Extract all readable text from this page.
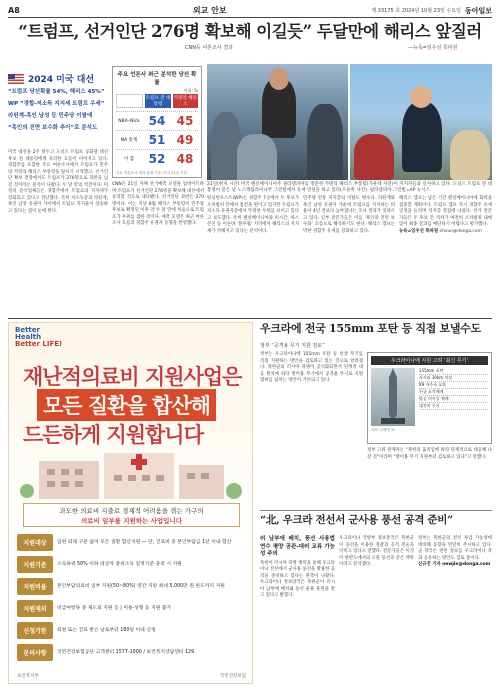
A8	외교 안보	제 33175 호 2024년 10월 23일 수요일 동아일보
“트럼프, 선거인단 276명 확보해 이길듯” 두달만에 해리스 앞질러
CNN등 여론조사 결과	—뉴욕=임우선 특파원
2024 미국 대선
“트럼프 당선확률 54%, 해리스 45%”
WP “경합-저소득 지지세 트럼프 우세”
라틴계-흑인 남성 등 민주당 이탈에
“흑인의 진면 보수화 추이”로 분석도
주요 언론사 최근 분석한 당선 확률
단위: %
트럼프 전 대통령
카멀라 해리스
NBA–Nick 54 45
NA 통계 51 49
이 합	52 48
주요 여론조사 결과 집계 기준, 미국 21일 기준
21일(현지 시간) 미국 펜실베이니아주 필라델피아를 방문한 카멀라 해리스 부통령(가운데 사진)이 지지자들과 인사하고 있다. 도널드 트럼프 전 대통령이 같은 날 노스캐롤라이나주 그린빌에서 유세 연설을 하고 있다(오른쪽 사진). 필라델피아·그린빌=AP 뉴시스
미국 대선을 2주 앞두고 도널드 트럼프 공화당 대선 후보 전 대통령에게 유리한 흐름이 이어지고 있다. 경합주를 포함한 주요 여론조사에서 트럼프가 민주당 카멀라 해리스 부통령을 앞서기 시작했고, 선거인단 확보 전망에서도 트럼프가 276명으로 과반을 넘길 것이라는 분석이 나왔다. 두 달 만의 역전이다. 미 정치 분석업체들은 경합주에서 트럼프의 지지세가 강화되고 있다고 진단했다. 특히 저소득층과 라틴계, 흑인 남성 유권자 사이에서 트럼프 지지율이 상승하고 있다는 점이 눈에 띈다.
CNN은 21일 자체 선거예측 모델을 업데이트하며 트럼프가 선거인단 276명을 확보해 대선에서 승리할 것으로 내다봤다. 선거인단 과반은 270명이다. 이는 지난 8월 해리스 부통령이 민주당 후보로 확정된 이후 약 두 달 만에 처음으로 트럼프가 우위를 점한 것이다. 예측 모델은 최근 여론조사 흐름과 경합주 유권자 동향을 반영했다.
워싱턴포스트(WP)는 경합주 7곳에서 두 후보가 오차범위 안에서 접전을 벌이고 있지만 트럼프가 저소득 유권자층에서 뚜렷한 우위를 보이고 있다고 보도했다. 특히 펜실베이니아와 미시간, 위스콘신 등 이른바 ‘블루월’ 지역에서 해리스의 지지세가 약해지고 있다는 분석이다.
민주당 전통 지지층의 이탈도 변수다. 라틴계와 흑인 남성 유권자 가운데 트럼프를 지지하는 비율이 4년 전보다 높아졌다는 조사 결과가 잇따르고 있다. 일부 전문가들은 이를 ‘흑인의 진면 보수화’ 흐름으로 해석하기도 한다. 해리스 캠프는 막판 경합주 유세를 강화하고 있다.
해리스 캠프는 남은 기간 펜실베이니아에 화력을 집중할 계획이다. 트럼프 캠프 역시 경합주 유세 일정을 늘리며 지지층 결집에 나섰다. 선거 전문가들은 두 후보 간 격차가 여전히 오차범위 내에 있어 최종 결과를 예단하기 어렵다고 평가했다.
뉴욕=임우선 특파원 imsun@donga.com
Better
Health
Better LIFE!
재난적의료비 지원사업은
모든 질환을 합산해
드든하게 지원합니다
과도한 의료비 지출로 경제적 어려움을 겪는 가구의
의료비 일부를 지원하는 사업입니다
지원대상	입원 외래 구분 없이 모든 질환 합산지원 — 단, 진료비 중 본인부담금 1년 이내 합산
지원기준	소득하위 50% 이하 대상자 중위소득 일정기준 충족 시 지원
지원비율	본인부담의료비 일부 지원(50~80%) 연간 지원 최대 5,000만 원 한도까지 지원
지원제외	비급여항목 중 제도외 지원 등 | 미용·성형 등 지원 불가
신청기한	퇴원 또는 진료 받은 날로부터 180일 이내 신청
문의사항	국민건강보험공단 고객센터 1577-1000 / 보건복지상담센터 129
보건복지부	국민건강보험
우크라에 전국 155mm 포탄 등 직접 보낼수도
정부 “공격용 무기 지원 검토”
정부는 우크라이나에 155mm 포탄 등 살상 무기를 직접 지원하는 방안을 검토하고 있는 것으로 알려졌다. 북한군의 러시아 파병이 공식화되면서 단계적 대응 원칙에 따라 방어용 무기에서 공격용 무기로 지원 범위를 넓히는 방안이 거론되고 있다.
우크라이나에 지원 고려 ‘최신 무기’
155mm 포탄
사거리 30km 이상
K9 자주포 호환
천궁 요격체계
방공 미사일 체계
대전차 무기
자료: 국방부 외
정부 고위 관계자는 “북한의 움직임에 따라 단계적으로 대응해 나갈 것”이라며 “방어용 무기 지원부터 검토하고 있다”고 말했다.
“北, 우크라 전선서 군사용 풍선 공격 준비”
러 남부에 배치, 풍선 사용법 연수 평양 공관-대러 교류 가능성 주의
북한이 러시아 파병 병력을 통해 우크라이나 전선에서 군사용 풍선을 활용한 공격을 준비하고 있다는 관측이 나왔다. 우크라이나 정보당국은 북한군이 러시아 남부에 배치돼 풍선 운용 훈련을 받고 있다고 밝혔다.
우크라이나 국방부 정보총국은 북한군이 풍선을 이용한 정찰과 공격 전술을 익히고 있다고 전했다. 전문가들은 이것이 한반도에서의 오물 풍선과 같은 맥락이라고 분석했다.
정부는 북한군의 전선 투입 가능성에 대비해 동향을 면밀히 주시하고 있다. 군 당국은 관련 정보를 우크라이나 측과 공유하는 방안도 검토 중이다.
신규진 기자 newjin@donga.com
